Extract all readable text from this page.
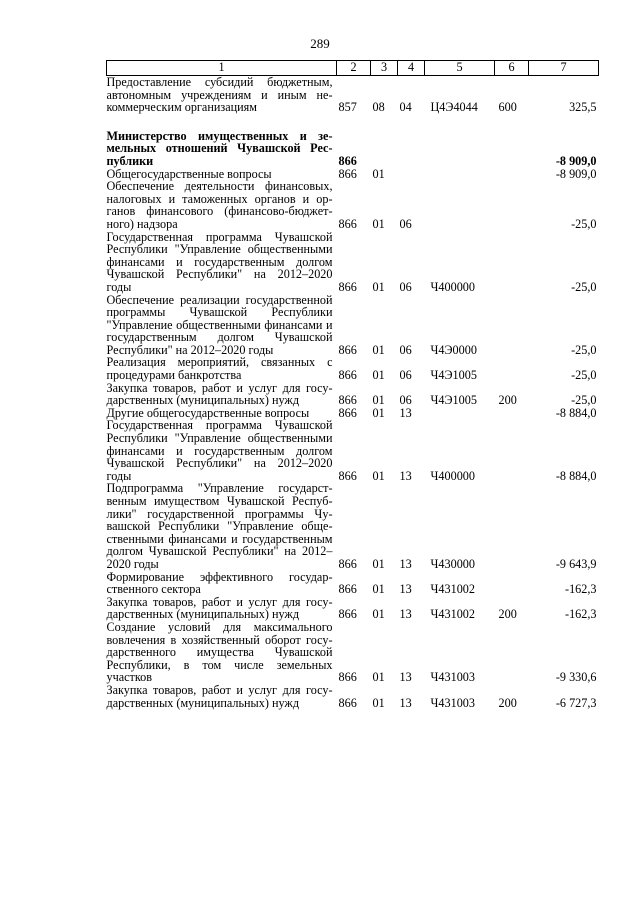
289
1	2	3	4	5	6	7
Предоставление субсидий бюджетным, автономным учреждениям и иным некоммерческим организациям	857	08	04	Ц4Э4044	600	325,5
Министерство имущественных и земельных отношений Чувашской Республики	866					-8 909,0
Общегосударственные вопросы	866	01				-8 909,0
Обеспечение деятельности финансовых, налоговых и таможенных органов и органов финансового (финансово-бюджетного) надзора	866	01	06			-25,0
Государственная программа Чувашской Республики "Управление общественными финансами и государственным долгом Чувашской Республики" на 2012–2020 годы	866	01	06	Ч400000		-25,0
Обеспечение реализации государственной программы Чувашской Республики "Управление общественными финансами и государственным долгом Чувашской Республики" на 2012–2020 годы	866	01	06	Ч4Э0000		-25,0
Реализация мероприятий, связанных с процедурами банкротства	866	01	06	Ч4Э1005		-25,0
Закупка товаров, работ и услуг для государственных (муниципальных) нужд	866	01	06	Ч4Э1005	200	-25,0
Другие общегосударственные вопросы	866	01	13			-8 884,0
Государственная программа Чувашской Республики "Управление общественными финансами и государственным долгом Чувашской Республики" на 2012–2020 годы	866	01	13	Ч400000		-8 884,0
Подпрограмма "Управление государственным имуществом Чувашской Республики" государственной программы Чувашской Республики "Управление общественными финансами и государственным долгом Чувашской Республики" на 2012–2020 годы	866	01	13	Ч430000		-9 643,9
Формирование эффективного государственного сектора	866	01	13	Ч431002		-162,3
Закупка товаров, работ и услуг для государственных (муниципальных) нужд	866	01	13	Ч431002	200	-162,3
Создание условий для максимального вовлечения в хозяйственный оборот государственного имущества Чувашской Республики, в том числе земельных участков	866	01	13	Ч431003		-9 330,6
Закупка товаров, работ и услуг для государственных (муниципальных) нужд	866	01	13	Ч431003	200	-6 727,3
